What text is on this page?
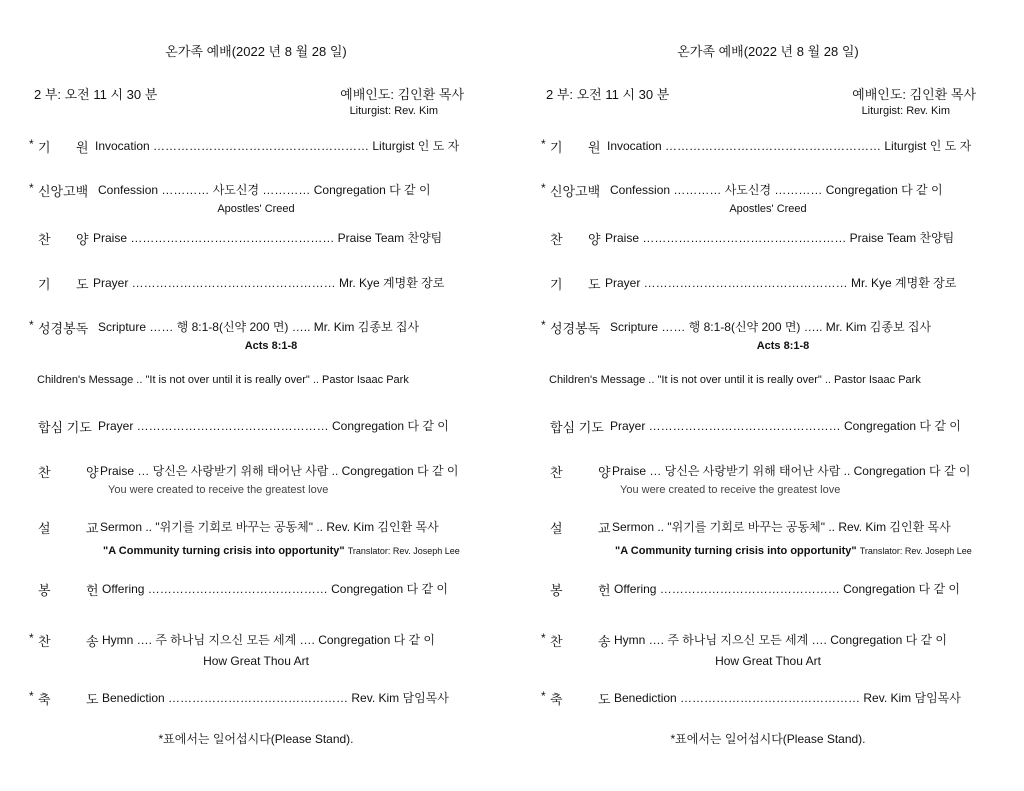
온가족 예배(2022 년 8 월 28 일)
2 부: 오전 11 시 30 분	예배인도: 김인환 목사
Liturgist: Rev. Kim
* 기 원 Invocation ……………………………………………… Liturgist 인 도 자
* 신앙고백 Confession ………… 사도신경 ………… Congregation 다 같 이
Apostles' Creed
찬 양 Praise …………………………………………… Praise Team 찬양팀
기 도 Prayer …………………………………………… Mr. Kye 계명환 장로
* 성경봉독 Scripture …… 행 8:1-8(신약 200 면) ….. Mr. Kim 김종보 집사
Acts 8:1-8
Children's Message .. "It is not over until it is really over" .. Pastor Isaac Park
합심 기도 Prayer ………………………………………… Congregation 다 같 이
찬	양 Praise … 당신은 사랑받기 위해 태어난 사람 .. Congregation 다 같 이
You were created to receive the greatest love
설	교 Sermon .. "위기를 기회로 바꾸는 공동체" .. Rev. Kim 김인환 목사
"A Community turning crisis into opportunity" Translator: Rev. Joseph Lee
봉	헌 Offering ……………………………………… Congregation 다 같 이
* 찬	송 Hymn …. 주 하나님 지으신 모든 세계 …. Congregation 다 같 이
How Great Thou Art
* 축	도 Benediction ……………………………………… Rev. Kim 담임목사
*표에서는 일어섭시다(Please Stand).
온가족 예배(2022 년 8 월 28 일)
2 부: 오전 11 시 30 분	예배인도: 김인환 목사
Liturgist: Rev. Kim
* 기 원 Invocation ……………………………………………… Liturgist 인 도 자
* 신앙고백 Confession ………… 사도신경 ………… Congregation 다 같 이
Apostles' Creed
찬 양 Praise …………………………………………… Praise Team 찬양팀
기 도 Prayer …………………………………………… Mr. Kye 계명환 장로
* 성경봉독 Scripture …… 행 8:1-8(신약 200 면) ….. Mr. Kim 김종보 집사
Acts 8:1-8
Children's Message .. "It is not over until it is really over" .. Pastor Isaac Park
합심 기도 Prayer ………………………………………… Congregation 다 같 이
찬	양 Praise … 당신은 사랑받기 위해 태어난 사람 .. Congregation 다 같 이
You were created to receive the greatest love
설	교 Sermon .. "위기를 기회로 바꾸는 공동체" .. Rev. Kim 김인환 목사
"A Community turning crisis into opportunity" Translator: Rev. Joseph Lee
봉	헌 Offering ……………………………………… Congregation 다 같 이
* 찬	송 Hymn …. 주 하나님 지으신 모든 세계 …. Congregation 다 같 이
How Great Thou Art
* 축	도 Benediction ……………………………………… Rev. Kim 담임목사
*표에서는 일어섭시다(Please Stand).
